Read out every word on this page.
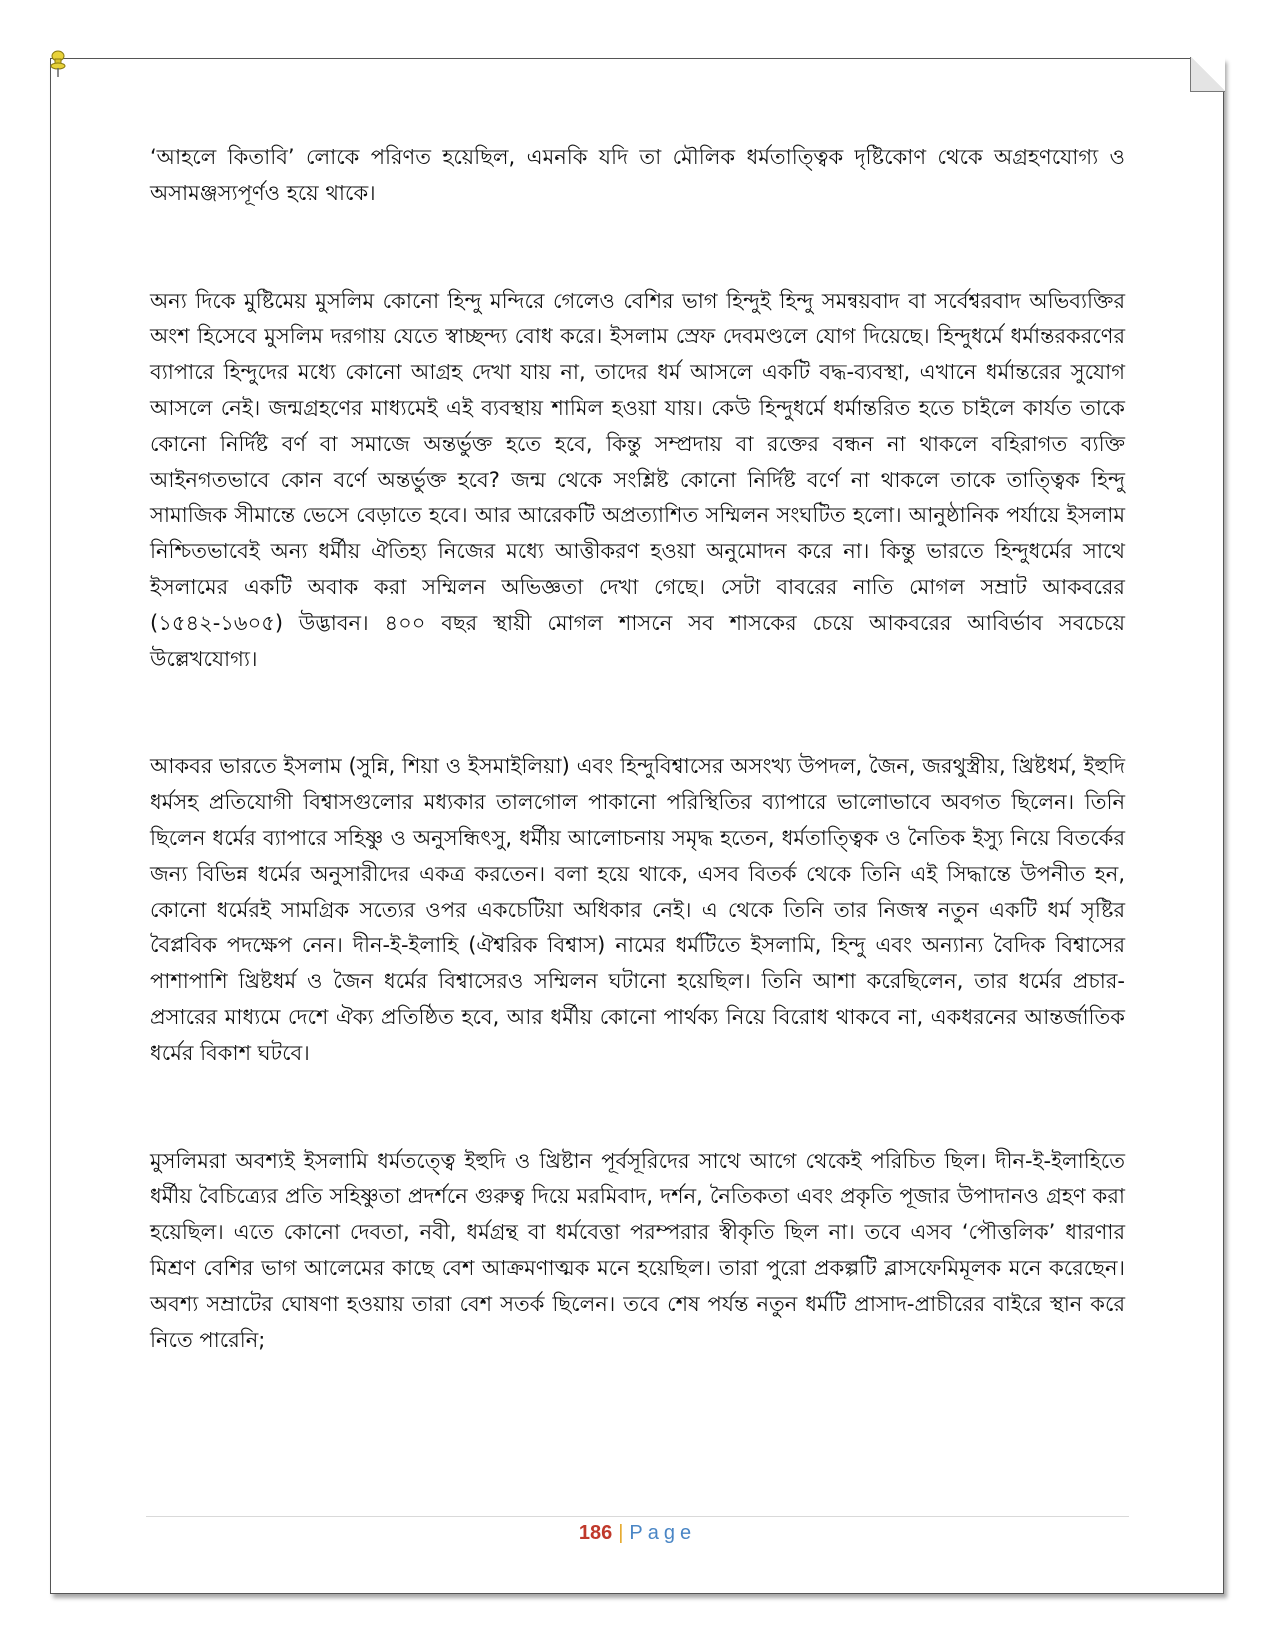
‘আহলে কিতাবি’ লোকে পরিণত হয়েছিল, এমনকি যদি তা মৌলিক ধর্মতাত্ত্বিক দৃষ্টিকোণ থেকে অগ্রহণযোগ্য ও অসামঞ্জস্যপূর্ণও হয়ে থাকে।

অন্য দিকে মুষ্টিমেয় মুসলিম কোনো হিন্দু মন্দিরে গেলেও বেশির ভাগ হিন্দুই হিন্দু সমন্বয়বাদ বা সর্বেশ্বরবাদ অভিব্যক্তির অংশ হিসেবে মুসলিম দরগায় যেতে স্বাচ্ছন্দ্য বোধ করে। ইসলাম স্রেফ দেবমণ্ডলে যোগ দিয়েছে। হিন্দুধর্মে ধর্মান্তরকরণের ব্যাপারে হিন্দুদের মধ্যে কোনো আগ্রহ দেখা যায় না, তাদের ধর্ম আসলে একটি বদ্ধ-ব্যবস্থা, এখানে ধর্মান্তরের সুযোগ আসলে নেই। জন্মগ্রহণের মাধ্যমেই এই ব্যবস্থায় শামিল হওয়া যায়। কেউ হিন্দুধর্মে ধর্মান্তরিত হতে চাইলে কার্যত তাকে কোনো নির্দিষ্ট বর্ণ বা সমাজে অন্তর্ভুক্ত হতে হবে, কিন্তু সম্প্রদায় বা রক্তের বন্ধন না থাকলে বহিরাগত ব্যক্তি আইনগতভাবে কোন বর্ণে অন্তর্ভুক্ত হবে? জন্ম থেকে সংশ্লিষ্ট কোনো নির্দিষ্ট বর্ণে না থাকলে তাকে তাত্ত্বিক হিন্দু সামাজিক সীমান্তে ভেসে বেড়াতে হবে। আর আরেকটি অপ্রত্যাশিত সম্মিলন সংঘটিত হলো। আনুষ্ঠানিক পর্যায়ে ইসলাম নিশ্চিতভাবেই অন্য ধর্মীয় ঐতিহ্য নিজের মধ্যে আত্তীকরণ হওয়া অনুমোদন করে না। কিন্তু ভারতে হিন্দুধর্মের সাথে ইসলামের একটি অবাক করা সম্মিলন অভিজ্ঞতা দেখা গেছে। সেটা বাবরের নাতি মোগল সম্রাট আকবরের (১৫৪২-১৬০৫) উদ্ভাবন। ৪০০ বছর স্থায়ী মোগল শাসনে সব শাসকের চেয়ে আকবরের আবির্ভাব সবচেয়ে উল্লেখযোগ্য।

আকবর ভারতে ইসলাম (সুন্নি, শিয়া ও ইসমাইলিয়া) এবং হিন্দুবিশ্বাসের অসংখ্য উপদল, জৈন, জরথুস্ত্রীয়, খ্রিষ্টধর্ম, ইহুদি ধর্মসহ প্রতিযোগী বিশ্বাসগুলোর মধ্যকার তালগোল পাকানো পরিস্থিতির ব্যাপারে ভালোভাবে অবগত ছিলেন। তিনি ছিলেন ধর্মের ব্যাপারে সহিষ্ণু ও অনুসন্ধিৎসু, ধর্মীয় আলোচনায় সমৃদ্ধ হতেন, ধর্মতাত্ত্বিক ও নৈতিক ইস্যু নিয়ে বিতর্কের জন্য বিভিন্ন ধর্মের অনুসারীদের একত্র করতেন। বলা হয়ে থাকে, এসব বিতর্ক থেকে তিনি এই সিদ্ধান্তে উপনীত হন, কোনো ধর্মেরই সামগ্রিক সত্যের ওপর একচেটিয়া অধিকার নেই। এ থেকে তিনি তার নিজস্ব নতুন একটি ধর্ম সৃষ্টির বৈপ্লবিক পদক্ষেপ নেন। দীন-ই-ইলাহি (ঐশ্বরিক বিশ্বাস) নামের ধর্মটিতে ইসলামি, হিন্দু এবং অন্যান্য বৈদিক বিশ্বাসের পাশাপাশি খ্রিষ্টধর্ম ও জৈন ধর্মের বিশ্বাসেরও সম্মিলন ঘটানো হয়েছিল। তিনি আশা করেছিলেন, তার ধর্মের প্রচার-প্রসারের মাধ্যমে দেশে ঐক্য প্রতিষ্ঠিত হবে, আর ধর্মীয় কোনো পার্থক্য নিয়ে বিরোধ থাকবে না, একধরনের আন্তর্জাতিক ধর্মের বিকাশ ঘটবে।

মুসলিমরা অবশ্যই ইসলামি ধর্মতত্ত্বে ইহুদি ও খ্রিষ্টান পূর্বসূরিদের সাথে আগে থেকেই পরিচিত ছিল। দীন-ই-ইলাহিতে ধর্মীয় বৈচিত্র্যের প্রতি সহিষ্ণুতা প্রদর্শনে গুরুত্ব দিয়ে মরমিবাদ, দর্শন, নৈতিকতা এবং প্রকৃতি পূজার উপাদানও গ্রহণ করা হয়েছিল। এতে কোনো দেবতা, নবী, ধর্মগ্রন্থ বা ধর্মবেত্তা পরম্পরার স্বীকৃতি ছিল না। তবে এসব ‘পৌত্তলিক’ ধারণার মিশ্রণ বেশির ভাগ আলেমের কাছে বেশ আক্রমণাত্মক মনে হয়েছিল। তারা পুরো প্রকল্পটি ব্লাসফেমিমূলক মনে করেছেন। অবশ্য সম্রাটের ঘোষণা হওয়ায় তারা বেশ সতর্ক ছিলেন। তবে শেষ পর্যন্ত নতুন ধর্মটি প্রাসাদ-প্রাচীরের বাইরে স্থান করে নিতে পারেনি;

186 | Page
